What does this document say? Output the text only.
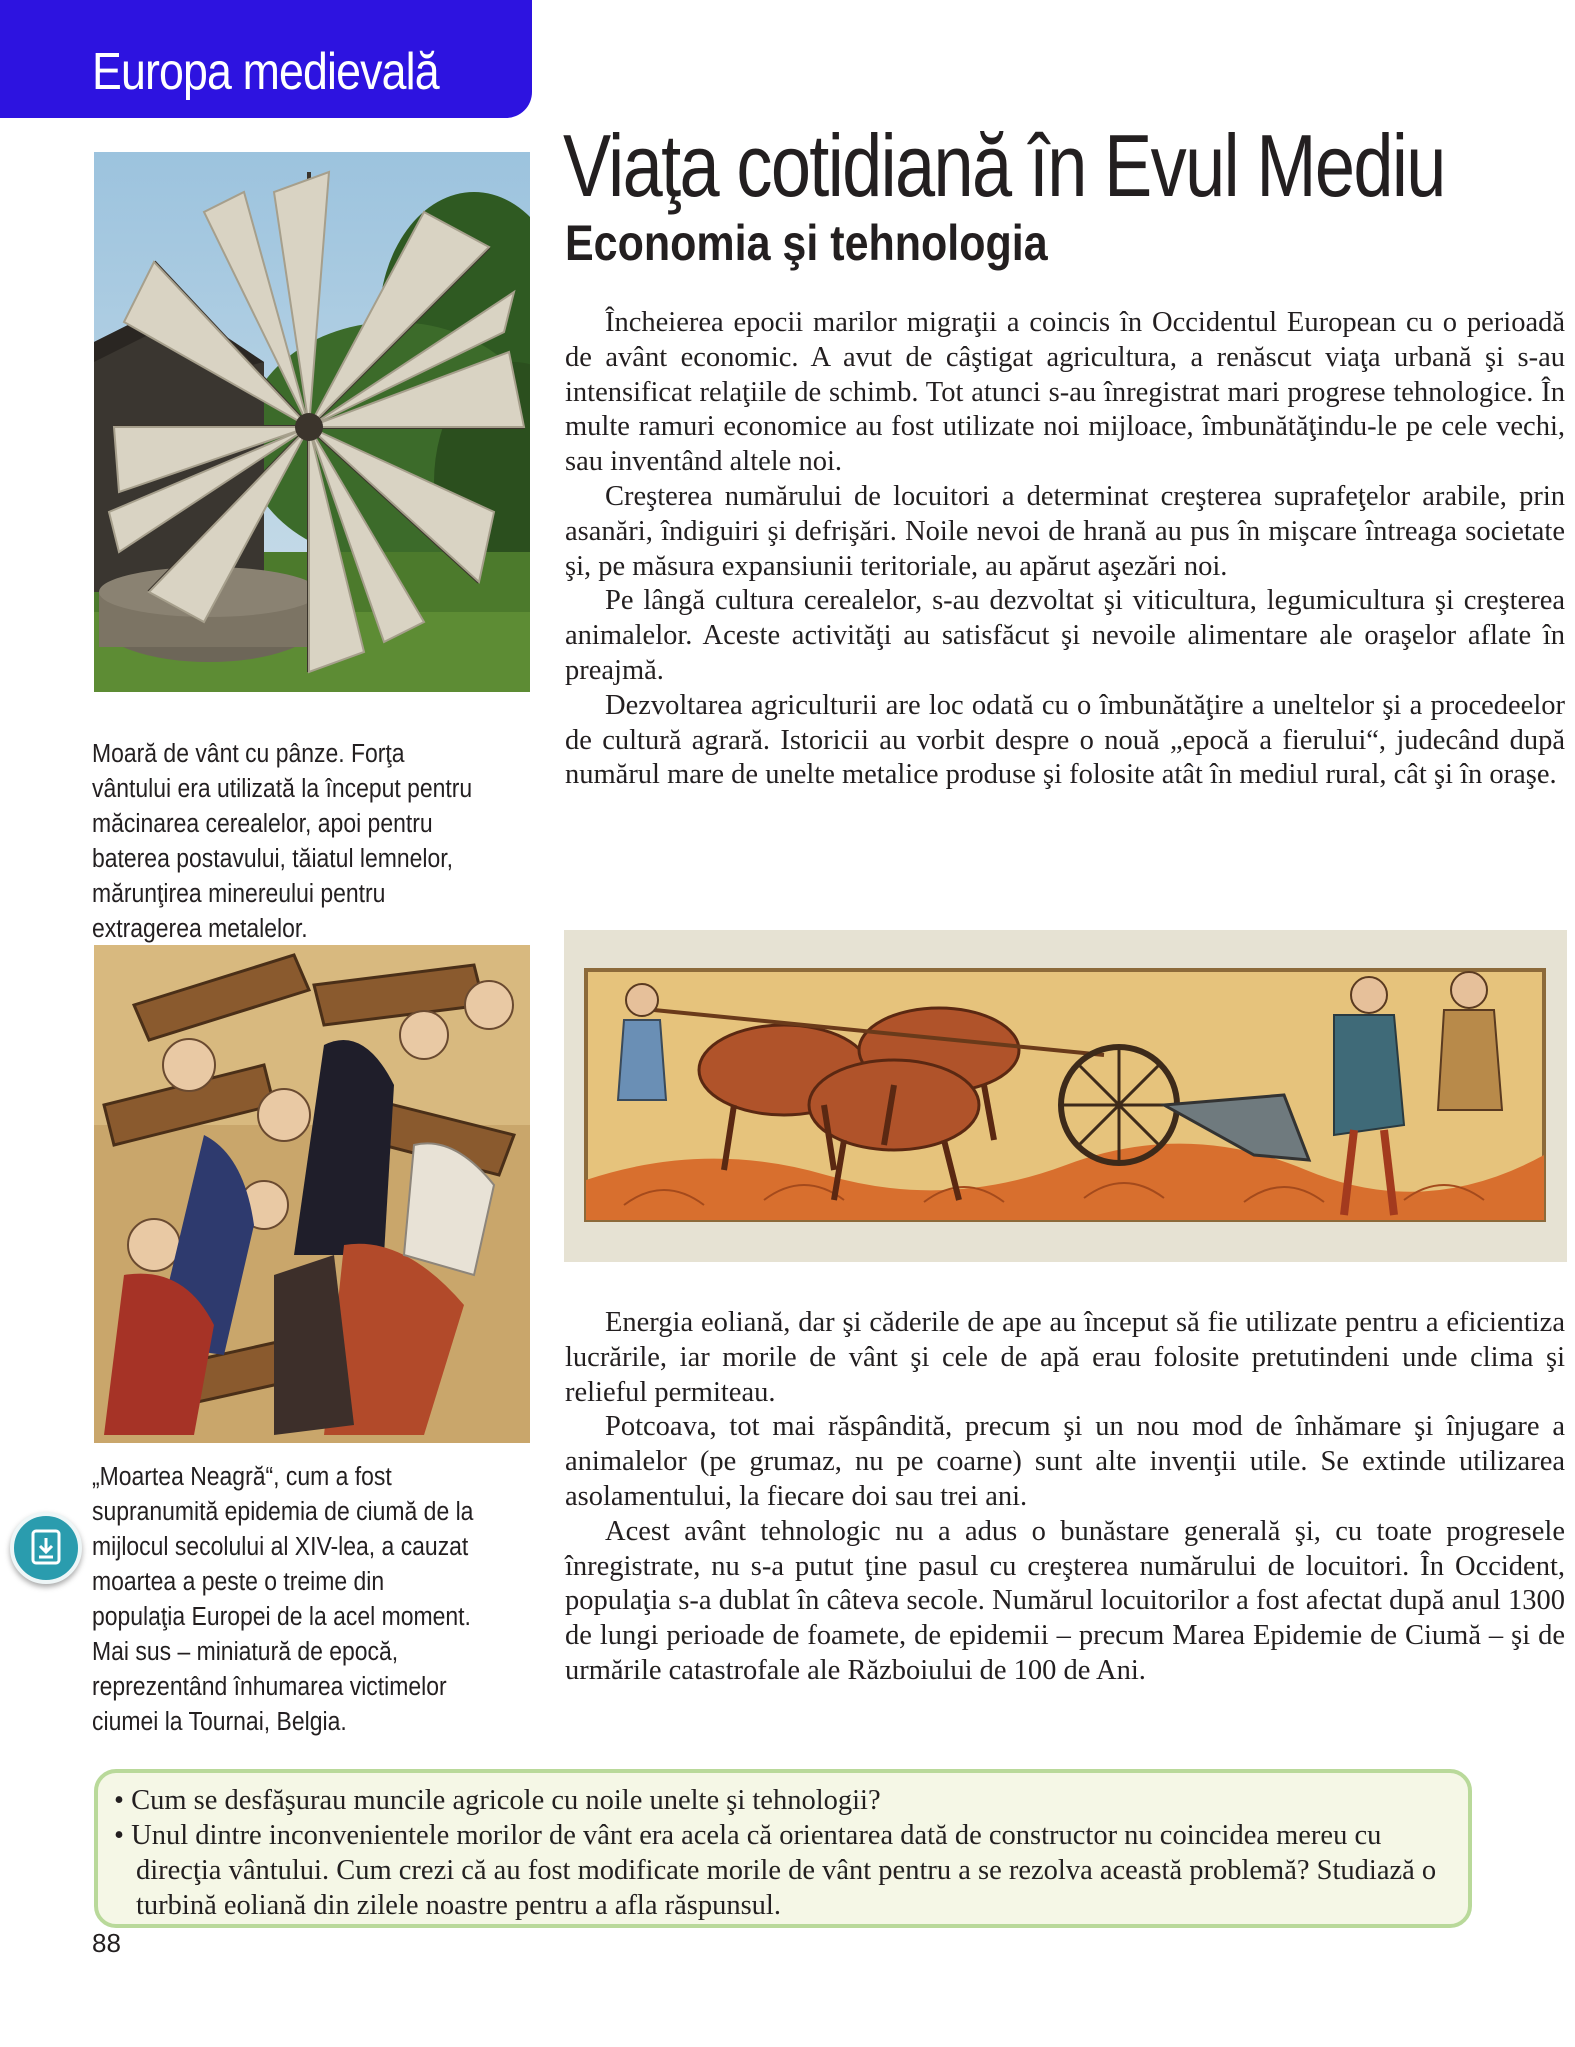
Europa medievală
Viaţa cotidiană în Evul Mediu
Economia şi tehnologia
Moară de vânt cu pânze. Forţa vântului era utilizată la început pentru măcinarea cerealelor, apoi pentru baterea postavului, tăiatul lemnelor, mărunţirea minereului pentru extragerea metalelor.
„Moartea Neagră“, cum a fost supranumită epidemia de ciumă de la mijlocul secolului al XIV-lea, a cauzat moartea a peste o treime din populaţia Europei de la acel moment. Mai sus – miniatură de epocă, reprezentând înhumarea victimelor ciumei la Tournai, Belgia.

Încheierea epocii marilor migraţii a coincis în Occidentul European cu o perioadă de avânt economic. A avut de câştigat agricultura, a renăscut viaţa urbană şi s-au intensificat relaţiile de schimb. Tot atunci s-au înregistrat mari progrese tehnologice. În multe ramuri economice au fost utilizate noi mijloace, îmbunătăţindu-le pe cele vechi, sau inventând altele noi.

Creşterea numărului de locuitori a determinat creşterea suprafeţelor arabile, prin asanări, îndiguiri şi defrişări. Noile nevoi de hrană au pus în mişcare întreaga societate şi, pe măsura expansiunii teritoriale, au apărut aşezări noi.

Pe lângă cultura cerealelor, s-au dezvoltat şi viticultura, legumicultura şi creşterea animalelor. Aceste activităţi au satisfăcut şi nevoile alimentare ale oraşelor aflate în preajmă.

Dezvoltarea agriculturii are loc odată cu o îmbunătăţire a uneltelor şi a procedeelor de cultură agrară. Istoricii au vorbit despre o nouă „epocă a fierului“, judecând după numărul mare de unelte metalice produse şi folosite atât în mediul rural, cât şi în oraşe.

Energia eoliană, dar şi căderile de ape au început să fie utilizate pentru a eficientiza lucrările, iar morile de vânt şi cele de apă erau folosite pretutindeni unde clima şi relieful permiteau.

Potcoava, tot mai răspândită, precum şi un nou mod de înhămare şi înjugare a animalelor (pe grumaz, nu pe coarne) sunt alte invenţii utile. Se extinde utilizarea asolamentului, la fiecare doi sau trei ani.

Acest avânt tehnologic nu a adus o bunăstare generală şi, cu toate progresele înregistrate, nu s-a putut ţine pasul cu creşterea numărului de locuitori. În Occident, populaţia s-a dublat în câteva secole. Numărul locuitorilor a fost afectat după anul 1300 de lungi perioade de foamete, de epidemii – precum Marea Epidemie de Ciumă – şi de urmările catastrofale ale Războiului de 100 de Ani.

• Cum se desfăşurau muncile agricole cu noile unelte şi tehnologii?
• Unul dintre inconvenientele morilor de vânt era acela că orientarea dată de constructor nu coincidea mereu cu direcţia vântului. Cum crezi că au fost modificate morile de vânt pentru a se rezolva această problemă? Studiază o turbină eoliană din zilele noastre pentru a afla răspunsul.
88
